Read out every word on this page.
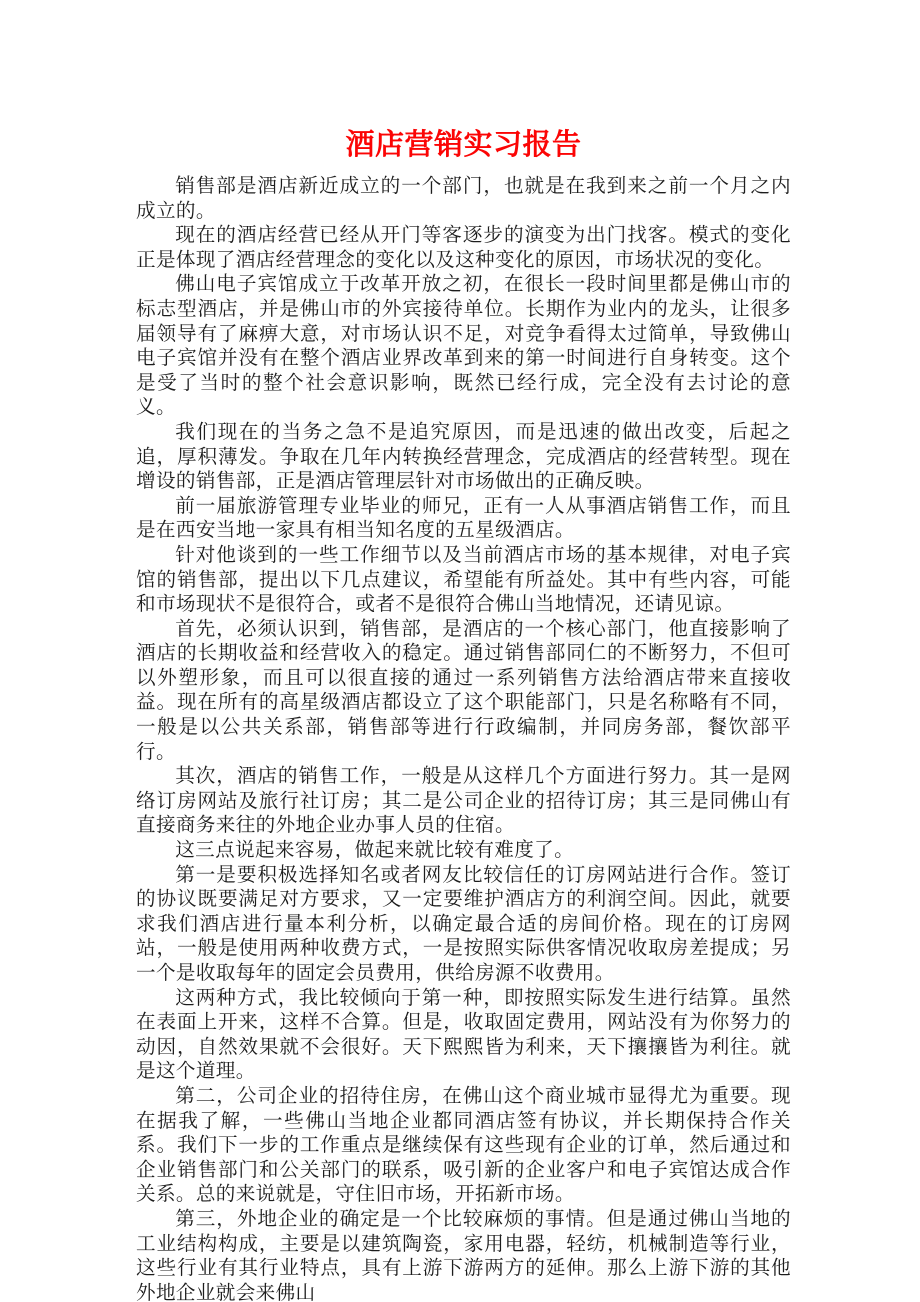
酒店营销实习报告

销售部是酒店新近成立的一个部门，也就是在我到来之前一个月之内成立的。

现在的酒店经营已经从开门等客逐步的演变为出门找客。模式的变化正是体现了酒店经营理念的变化以及这种变化的原因，市场状况的变化。

佛山电子宾馆成立于改革开放之初，在很长一段时间里都是佛山市的标志型酒店，并是佛山市的外宾接待单位。长期作为业内的龙头，让很多届领导有了麻痹大意，对市场认识不足，对竞争看得太过简单，导致佛山电子宾馆并没有在整个酒店业界改革到来的第一时间进行自身转变。这个是受了当时的整个社会意识影响，既然已经行成，完全没有去讨论的意义。

我们现在的当务之急不是追究原因，而是迅速的做出改变，后起之追，厚积薄发。争取在几年内转换经营理念，完成酒店的经营转型。现在增设的销售部，正是酒店管理层针对市场做出的正确反映。

前一届旅游管理专业毕业的师兄，正有一人从事酒店销售工作，而且是在西安当地一家具有相当知名度的五星级酒店。

针对他谈到的一些工作细节以及当前酒店市场的基本规律，对电子宾馆的销售部，提出以下几点建议，希望能有所益处。其中有些内容，可能和市场现状不是很符合，或者不是很符合佛山当地情况，还请见谅。

首先，必须认识到，销售部，是酒店的一个核心部门，他直接影响了酒店的长期收益和经营收入的稳定。通过销售部同仁的不断努力，不但可以外塑形象，而且可以很直接的通过一系列销售方法给酒店带来直接收益。现在所有的高星级酒店都设立了这个职能部门，只是名称略有不同，一般是以公共关系部，销售部等进行行政编制，并同房务部，餐饮部平行。

其次，酒店的销售工作，一般是从这样几个方面进行努力。其一是网络订房网站及旅行社订房；其二是公司企业的招待订房；其三是同佛山有直接商务来往的外地企业办事人员的住宿。

这三点说起来容易，做起来就比较有难度了。

第一是要积极选择知名或者网友比较信任的订房网站进行合作。签订的协议既要满足对方要求，又一定要维护酒店方的利润空间。因此，就要求我们酒店进行量本利分析，以确定最合适的房间价格。现在的订房网站，一般是使用两种收费方式，一是按照实际供客情况收取房差提成；另一个是收取每年的固定会员费用，供给房源不收费用。

这两种方式，我比较倾向于第一种，即按照实际发生进行结算。虽然在表面上开来，这样不合算。但是，收取固定费用，网站没有为你努力的动因，自然效果就不会很好。天下熙熙皆为利来，天下攘攘皆为利往。就是这个道理。

第二，公司企业的招待住房，在佛山这个商业城市显得尤为重要。现在据我了解，一些佛山当地企业都同酒店签有协议，并长期保持合作关系。我们下一步的工作重点是继续保有这些现有企业的订单，然后通过和企业销售部门和公关部门的联系，吸引新的企业客户和电子宾馆达成合作关系。总的来说就是，守住旧市场，开拓新市场。

第三，外地企业的确定是一个比较麻烦的事情。但是通过佛山当地的工业结构构成，主要是以建筑陶瓷，家用电器，轻纺，机械制造等行业，这些行业有其行业特点，具有上游下游两方的延伸。那么上游下游的其他外地企业就会来佛山
